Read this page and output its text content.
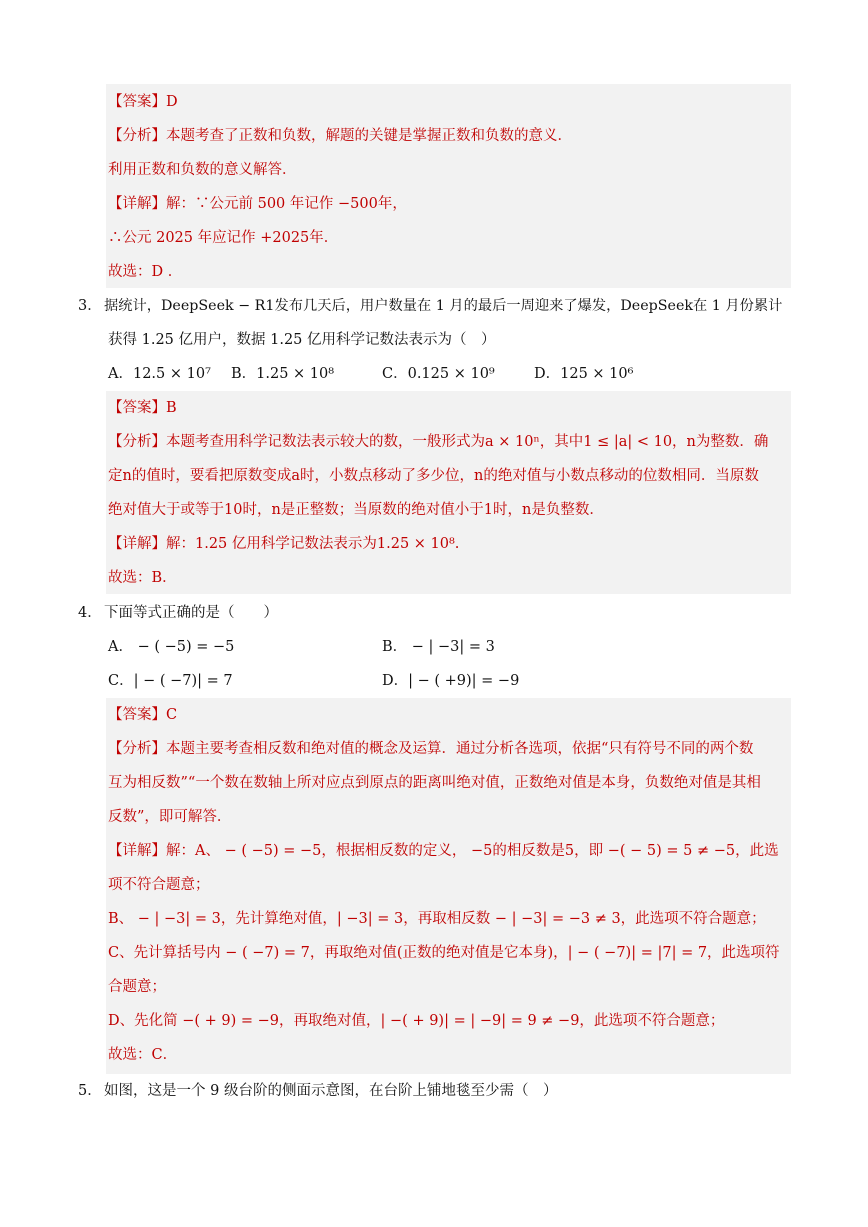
【答案】D
【分析】本题考查了正数和负数，解题的关键是掌握正数和负数的意义．
利用正数和负数的意义解答．
【详解】解：∵公元前 500 年记作 −500年，
∴公元 2025 年应记作 +2025年．
故选：D ．
3． 据统计，DeepSeek − R1发布几天后，用户数量在 1 月的最后一周迎来了爆发，DeepSeek在 1 月份累计
获得 1.25 亿用户，数据 1.25 亿用科学记数法表示为（　）
A．12.5 × 10⁷ B．1.25 × 10⁸	C．0.125 × 10⁹	D．125 × 10⁶
【答案】B
【分析】本题考查用科学记数法表示较大的数，一般形式为a × 10ⁿ，其中1 ≤ |a| < 10，n为整数．确
定n的值时，要看把原数变成a时，小数点移动了多少位，n的绝对值与小数点移动的位数相同．当原数
绝对值大于或等于10时，n是正整数；当原数的绝对值小于1时，n是负整数．
【详解】解：1.25 亿用科学记数法表示为1.25 × 10⁸.
故选：B．
4． 下面等式正确的是（　　）
A． − ( −5) = −5	B． − | −3| = 3
C．| − ( −7)| = 7	D．| − ( +9)| = −9
【答案】C
【分析】本题主要考查相反数和绝对值的概念及运算．通过分析各选项，依据“只有符号不同的两个数
互为相反数”“一个数在数轴上所对应点到原点的距离叫绝对值，正数绝对值是本身，负数绝对值是其相
反数”，即可解答．
【详解】解：A、 − ( −5) = −5，根据相反数的定义， −5的相反数是5，即 −( − 5) = 5 ≠ −5，此选
项不符合题意；
B、 − | −3| = 3，先计算绝对值，| −3| = 3，再取相反数 − | −3| = −3 ≠ 3，此选项不符合题意；
C、先计算括号内 − ( −7) = 7，再取绝对值(正数的绝对值是它本身)，| − ( −7)| = |7| = 7，此选项符
合题意；
D、先化简 −( + 9) = −9，再取绝对值，| −( + 9)| = | −9| = 9 ≠ −9，此选项不符合题意；
故选：C．
5． 如图，这是一个 9 级台阶的侧面示意图，在台阶上铺地毯至少需（　）
